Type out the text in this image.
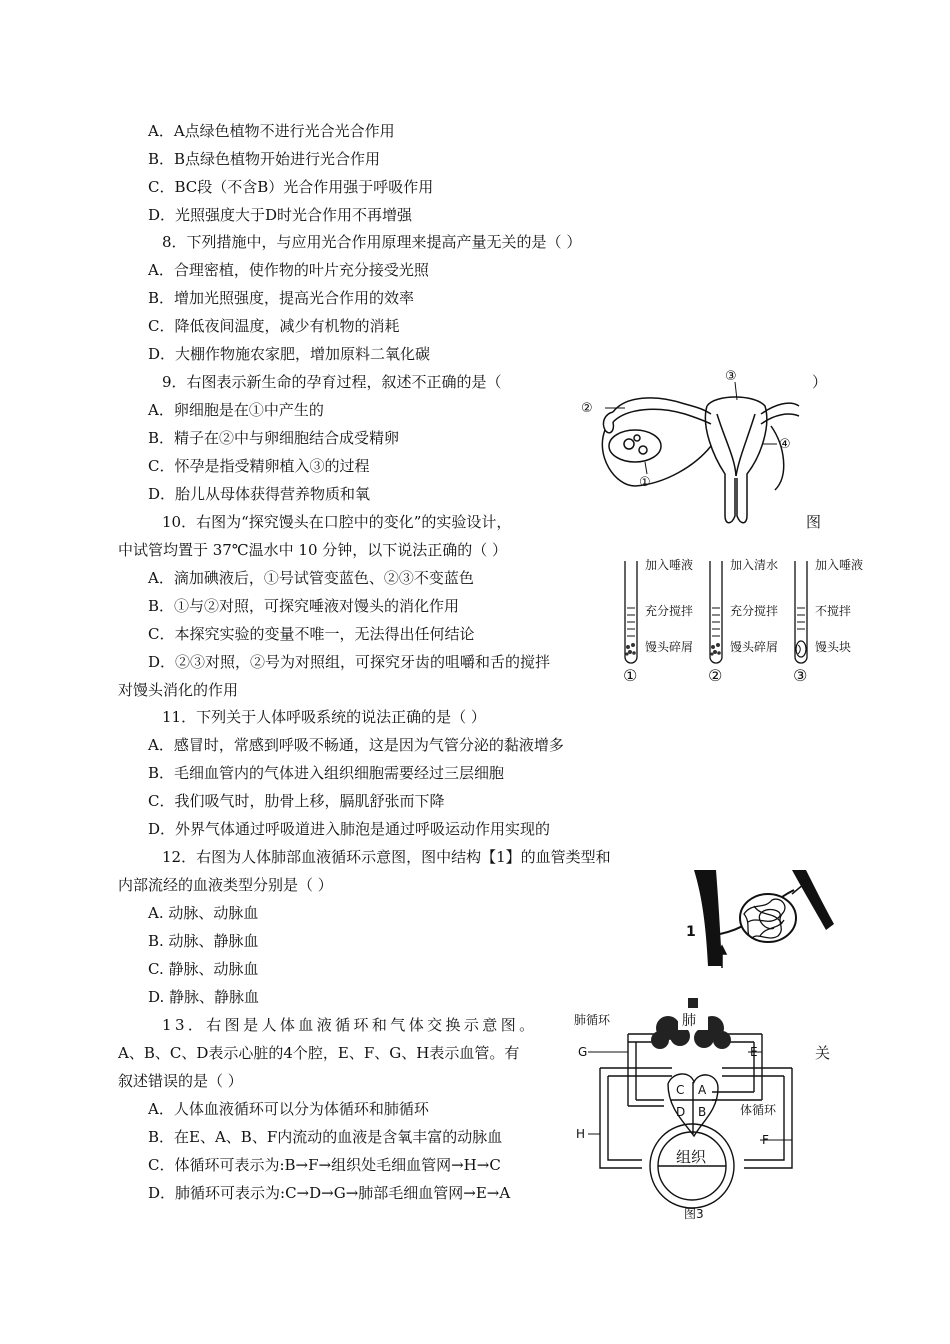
A．A点绿色植物不进行光合光合作用
B．B点绿色植物开始进行光合作用
C．BC段（不含B）光合作用强于呼吸作用
D．光照强度大于D时光合作用不再增强
8．下列措施中，与应用光合作用原理来提高产量无关的是（ ）
A．合理密植，使作物的叶片充分接受光照
B．增加光照强度，提高光合作用的效率
C．降低夜间温度，减少有机物的消耗
D．大棚作物施农家肥，增加原料二氧化碳
9．右图表示新生命的孕育过程，叙述不正确的是（	）
A．卵细胞是在①中产生的
B．精子在②中与卵细胞结合成受精卵
C．怀孕是指受精卵植入③的过程
D．胎儿从母体获得营养物质和氧
①
②
③
④
10．右图为“探究馒头在口腔中的变化”的实验设计，	图
中试管均置于 37℃温水中 10 分钟，以下说法正确的（ ）
A．滴加碘液后，①号试管变蓝色、②③不变蓝色
B．①与②对照，可探究唾液对馒头的消化作用
C．本探究实验的变量不唯一，无法得出任何结论
D．②③对照，②号为对照组，可探究牙齿的咀嚼和舌的搅拌
对馒头消化的作用
加入唾液
充分搅拌
馒头碎屑
加入清水
充分搅拌
馒头碎屑
加入唾液
不搅拌
馒头块
①	②	③
11．下列关于人体呼吸系统的说法正确的是（ ）
A．感冒时，常感到呼吸不畅通，这是因为气管分泌的黏液增多
B．毛细血管内的气体进入组织细胞需要经过三层细胞
C．我们吸气时，肋骨上移，膈肌舒张而下降
D．外界气体通过呼吸道进入肺泡是通过呼吸运动作用实现的
12．右图为人体肺部血液循环示意图，图中结构【1】的血管类型和
内部流经的血液类型分别是（ ）
A. 动脉、动脉血
B. 动脉、静脉血
C. 静脉、动脉血
D. 静脉、静脉血
1
13．右图是人体血液循环和气体交换示意图。
A、B、C、D表示心脏的4个腔，E、F、G、H表示血管。有	关
叙述错误的是（ ）
A．人体血液循环可以分为体循环和肺循环
B．在E、A、B、F内流动的血液是含氧丰富的动脉血
C．体循环可表示为:B→F→组织处毛细血管网→H→C
D．肺循环可表示为:C→D→G→肺部毛细血管网→E→A
肺
肺循环
体循环
G	E
H	F
A
B
C
D
组织
图3
